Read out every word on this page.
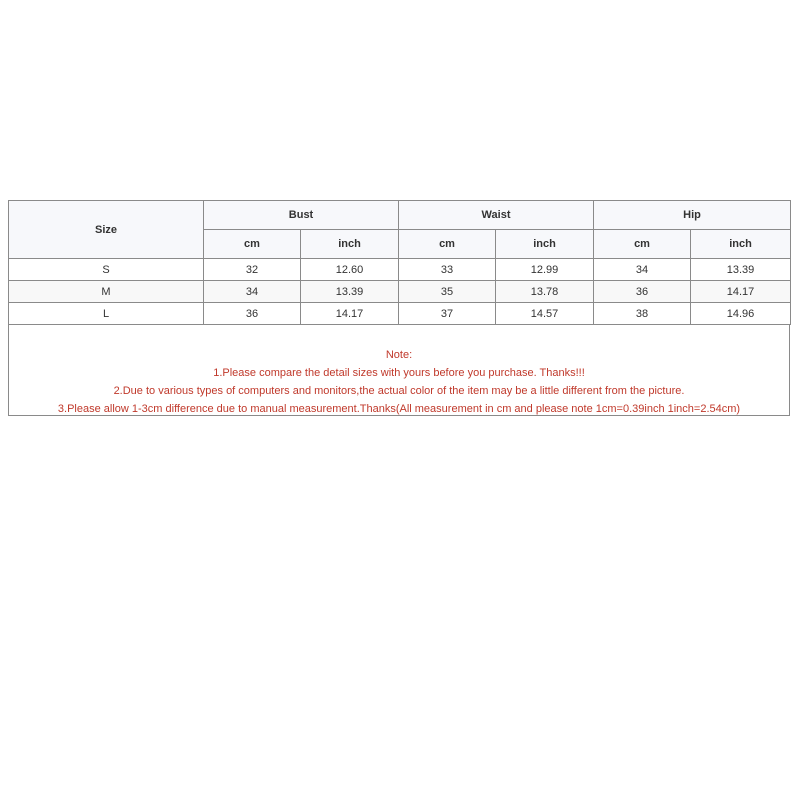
Size	Bust		Waist		Hip	
	cm	inch	cm	inch	cm	inch
S	32	12.60	33	12.99	34	13.39
M	34	13.39	35	13.78	36	14.17
L	36	14.17	37	14.57	38	14.96
Note:
1.Please compare the detail sizes with yours before you purchase. Thanks!!!
2.Due to various types of computers and monitors,the actual color of the item may be a little different from the picture.
3.Please allow 1-3cm difference due to manual measurement.Thanks(All measurement in cm and please note 1cm=0.39inch 1inch=2.54cm)
